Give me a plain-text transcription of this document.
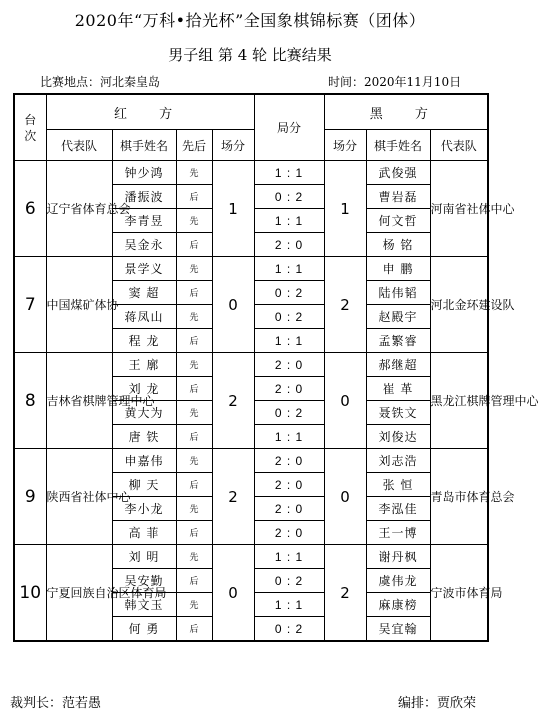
2020年“万科•拾光杯”全国象棋锦标赛（团体）
男子组 第 4 轮 比赛结果
比赛地点：河北秦皇岛	时间：2020年11月10日
台
次	红 方				局分	黑 方		
	代表队	棋手姓名	先后	场分		场分	棋手姓名	代表队
6	辽宁省体育总会	钟少鸿	先	1	1 : 1	1	武俊强	河南省社体中心
		潘振波	后		0 : 2		曹岩磊	
		李青昱	先		1 : 1		何文哲	
		吴金永	后		2 : 0		杨 铭	
7	中国煤矿体协	景学义	先	0	1 : 1	2	申 鹏	河北金环建设队
		窦 超	后		0 : 2		陆伟韬	
		蒋凤山	先		0 : 2		赵殿宇	
		程 龙	后		1 : 1		孟繁睿	
8	吉林省棋牌管理中心	王 廓	先	2	2 : 0	0	郝继超	黑龙江棋牌管理中心
		刘 龙	后		2 : 0		崔 革	
		黄大为	先		0 : 2		聂铁文	
		唐 铁	后		1 : 1		刘俊达	
9	陕西省社体中心	申嘉伟	先	2	2 : 0	0	刘志浩	青岛市体育总会
		柳 天	后		2 : 0		张 恒	
		李小龙	先		2 : 0		李泓佳	
		高 菲	后		2 : 0		王一博	
10	宁夏回族自治区体育局	刘 明	先	0	1 : 1	2	谢丹枫	宁波市体育局
		吴安勤	后		0 : 2		虞伟龙	
		韩文玉	先		1 : 1		麻康榜	
		何 勇	后		0 : 2		吴宜翰	
裁判长：范若愚	编排：贾欣荣
